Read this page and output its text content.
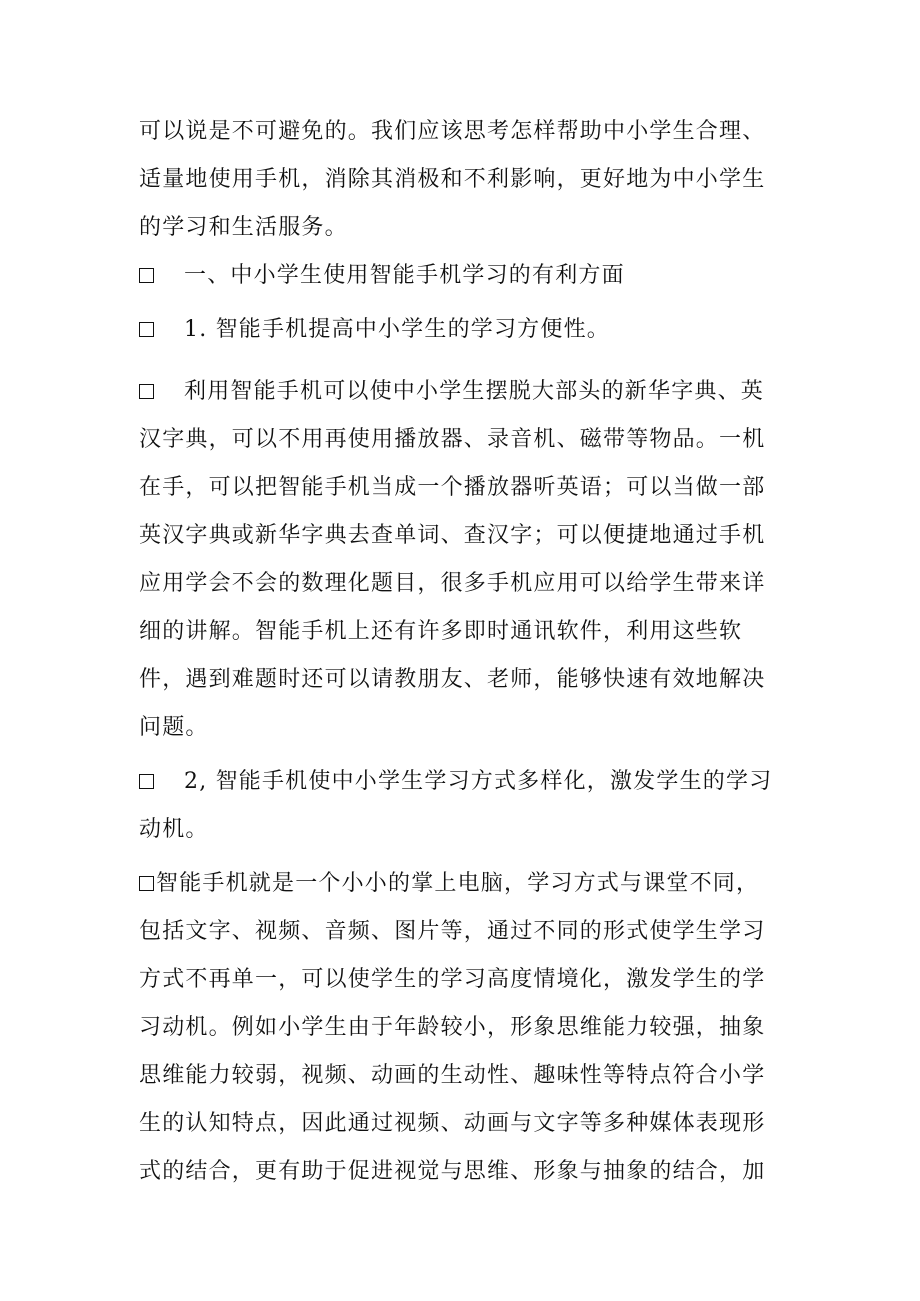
可以说是不可避免的。我们应该思考怎样帮助中小学生合理、适量地使用手机，消除其消极和不利影响，更好地为中小学生的学习和生活服务。

一、中小学生使用智能手机学习的有利方面

1. 智能手机提高中小学生的学习方便性。

利用智能手机可以使中小学生摆脱大部头的新华字典、英汉字典，可以不用再使用播放器、录音机、磁带等物品。一机在手，可以把智能手机当成一个播放器听英语；可以当做一部英汉字典或新华字典去查单词、查汉字；可以便捷地通过手机应用学会不会的数理化题目，很多手机应用可以给学生带来详细的讲解。智能手机上还有许多即时通讯软件，利用这些软件，遇到难题时还可以请教朋友、老师，能够快速有效地解决问题。

2, 智能手机使中小学生学习方式多样化，激发学生的学习动机。

智能手机就是一个小小的掌上电脑，学习方式与课堂不同，包括文字、视频、音频、图片等，通过不同的形式使学生学习方式不再单一，可以使学生的学习高度情境化，激发学生的学习动机。例如小学生由于年龄较小，形象思维能力较强，抽象思维能力较弱，视频、动画的生动性、趣味性等特点符合小学生的认知特点，因此通过视频、动画与文字等多种媒体表现形式的结合，更有助于促进视觉与思维、形象与抽象的结合，加
